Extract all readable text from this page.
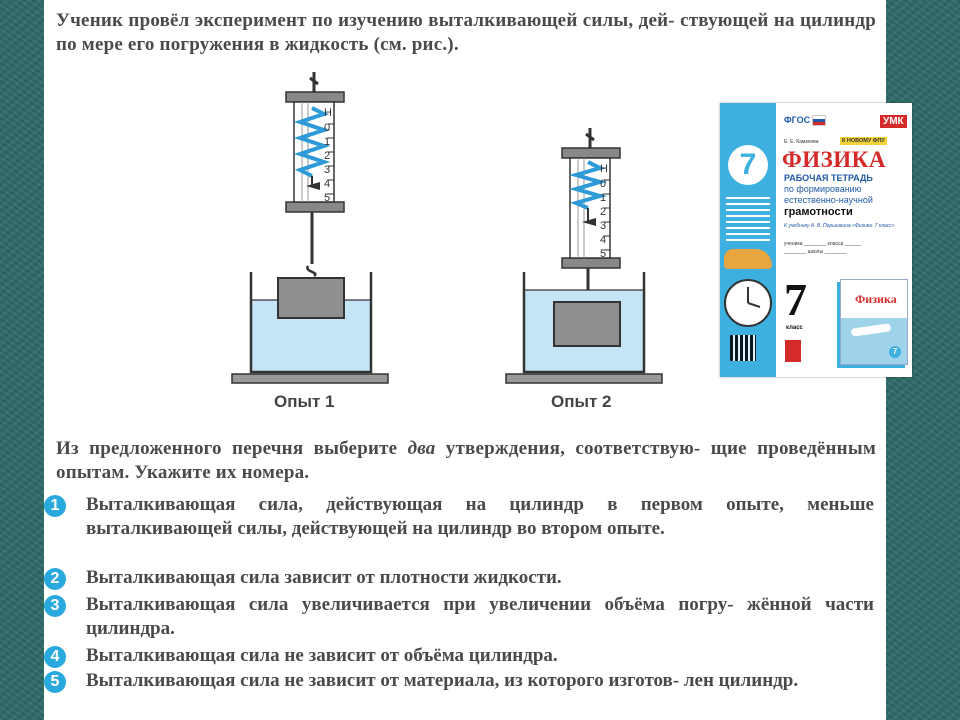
Ученик провёл эксперимент по изучению выталкивающей силы, дей- ствующей на цилиндр по мере его погружения в жидкость (см. рис.).
Н
0
1
2
3
4
5
Н
0
1
2
3
4
5
Опыт 1	Опыт 2
Из предложенного перечня выберите два утверждения, соответствую- щие проведённым опытам. Укажите их номера.
1	Выталкивающая сила, действующая на цилиндр в первом опыте, меньше выталкивающей силы, действующей на цилиндр во втором опыте.
2	Выталкивающая сила зависит от плотности жидкости.
3	Выталкивающая сила увеличивается при увеличении объёма погру- жённой части цилиндра.
4	Выталкивающая сила не зависит от объёма цилиндра.
5	Выталкивающая сила не зависит от материала, из которого изготов- лен цилиндр.
7
ФГОС	УМК
Е. Е. Камзеева	К НОВОМУ ФПУ
ФИЗИКА
РАБОЧАЯ ТЕТРАДЬ
по формированию
естественно-научной
грамотности
К учебнику А. В. Перышкина «Физика. 7 класс»
ученика ________ класса ______
________ школы ________
7
класс
Физика
7
